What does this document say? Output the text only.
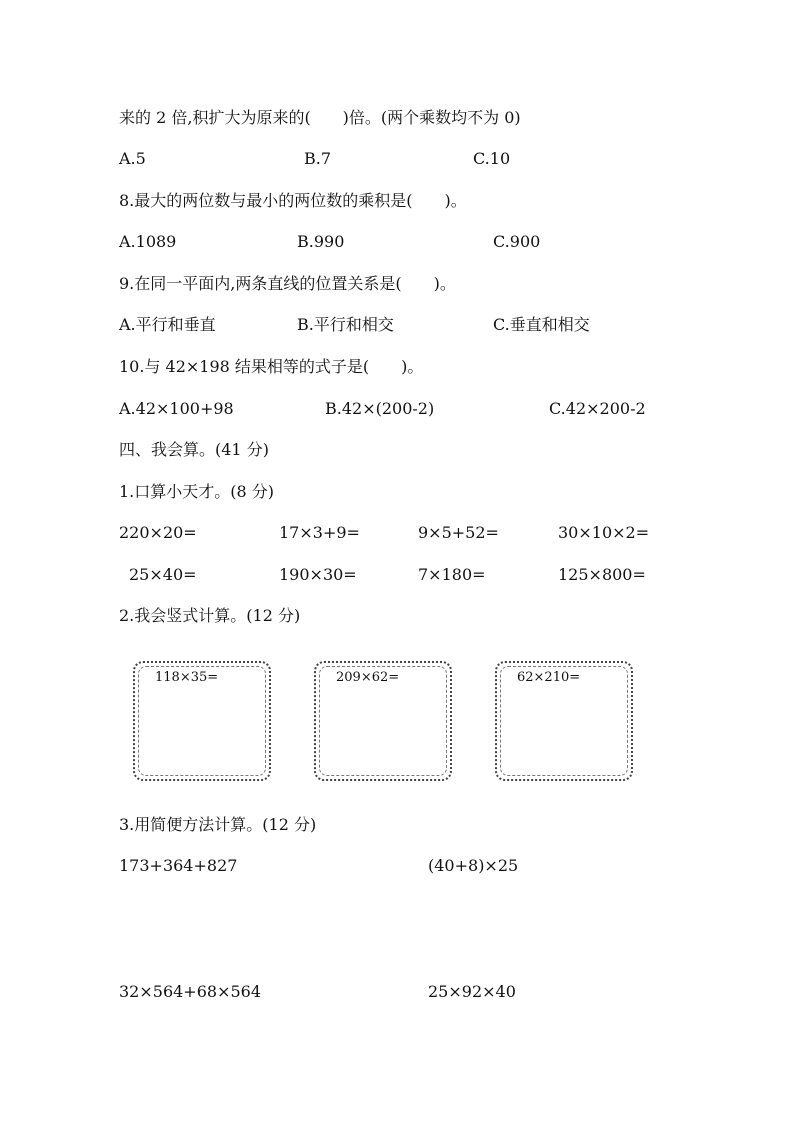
来的 2 倍,积扩大为原来的(　　)倍。(两个乘数均不为 0)
A.5	B.7	C.10
8.最大的两位数与最小的两位数的乘积是(　　)。
A.1089	B.990	C.900
9.在同一平面内,两条直线的位置关系是(　　)。
A.平行和垂直	B.平行和相交	C.垂直和相交
10.与 42×198 结果相等的式子是(　　)。
A.42×100+98	B.42×(200-2)	C.42×200-2
四、我会算。(41 分)
1.口算小天才。(8 分)
220×20=	17×3+9=	9×5+52=	30×10×2=
25×40=	190×30=	7×180=	125×800=
2.我会竖式计算。(12 分)
118×35=	209×62=	62×210=
3.用简便方法计算。(12 分)
173+364+827	(40+8)×25
32×564+68×564	25×92×40
